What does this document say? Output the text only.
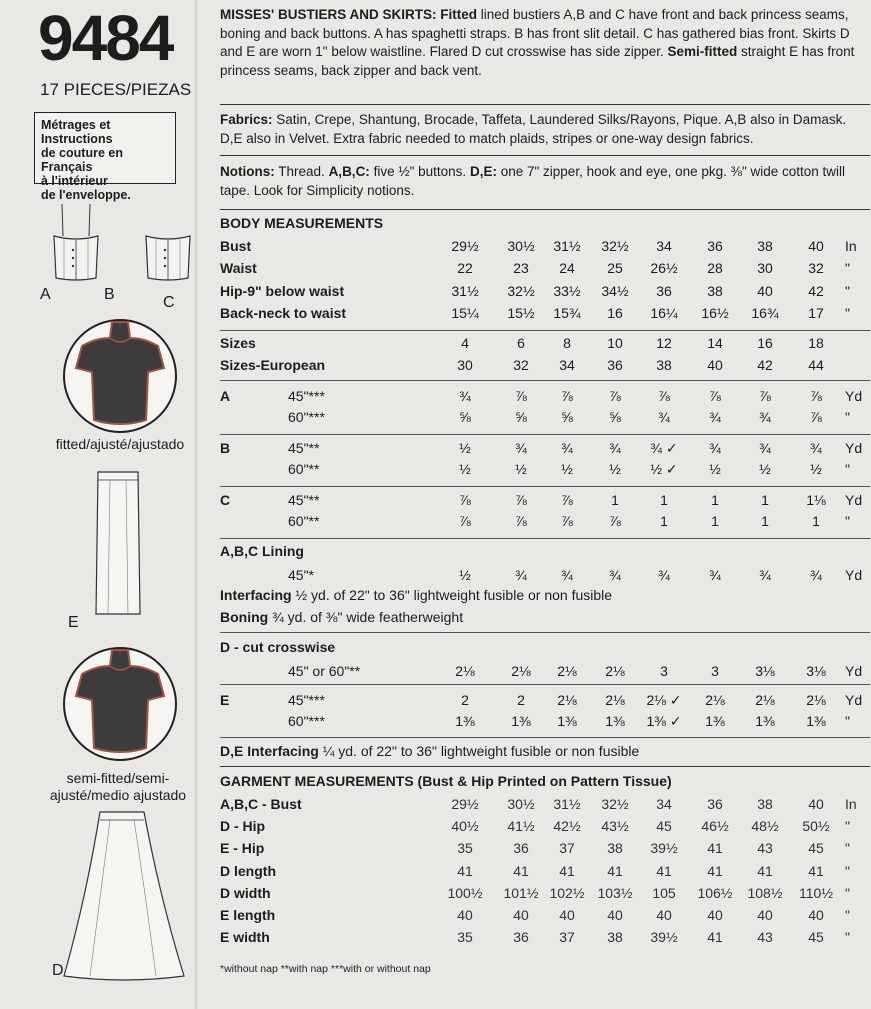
9484
17 PIECES/PIEZAS
Métrages et Instructions
de couture en Français
à l'intérieur
de l'enveloppe.
A	B	C
fitted/ajusté/ajustado
E
semi-fitted/semi-
ajusté/medio ajustado
D
MISSES' BUSTIERS AND SKIRTS: Fitted lined bustiers A,B and C have front and back princess seams, boning and back buttons. A has spaghetti straps. B has front slit detail. C has gathered bias front. Skirts D and E are worn 1" below waistline. Flared D cut crosswise has side zipper. Semi-fitted straight E has front princess seams, back zipper and back vent.
Fabrics: Satin, Crepe, Shantung, Brocade, Taffeta, Laundered Silks/Rayons, Pique. A,B also in Damask. D,E also in Velvet. Extra fabric needed to match plaids, stripes or one-way design fabrics.
Notions: Thread. A,B,C: five ½" buttons. D,E: one 7" zipper, hook and eye, one pkg. ⅜" wide cotton twill tape. Look for Simplicity notions.
BODY MEASUREMENTS
Bust	29½	30½	31½	32½	34	36	38	40	In
Waist	22	23	24	25	26½	28	30	32	"
Hip-9" below waist	31½	32½	33½	34½	36	38	40	42	"
Back-neck to waist	15¼	15½	15¾	16	16¼	16½	16¾	17	"
Sizes	4	6	8	10	12	14	16	18
Sizes-European	30	32	34	36	38	40	42	44
A	45"***	¾	⅞	⅞	⅞	⅞	⅞	⅞	⅞	Yd
60"***	⅝	⅝	⅝	⅝	¾	¾	¾	⅞	"
B	45"**	½	¾	¾	¾	¾ ✓	¾	¾	¾	Yd
60"**	½	½	½	½	½ ✓	½	½	½	"
C	45"**	⅞	⅞	⅞	1	1	1	1	1⅛	Yd
60"**	⅞	⅞	⅞	⅞	1	1	1	1	"
45"*	½	¾	¾	¾	¾	¾	¾	¾	Yd
45" or 60"**	2⅛	2⅛	2⅛	2⅛	3	3	3⅛	3⅛	Yd
E	45"***	2	2	2⅛	2⅛	2⅛ ✓	2⅛	2⅛	2⅛	Yd
60"***	1⅜	1⅜	1⅜	1⅜	1⅜ ✓	1⅜	1⅜	1⅜	"
A,B,C - Bust	29½	30½	31½	32½	34	36	38	40	In
D - Hip	40½	41½	42½	43½	45	46½	48½	50½	"
E - Hip	35	36	37	38	39½	41	43	45	"
D length	41	41	41	41	41	41	41	41	"
D width	100½	101½ 102½ 103½	105	106½	108½	110½ "
E length	40	40	40	40	40	40	40	40	"
E width	35	36	37	38	39½	41	43	45	"
A,B,C Lining
Interfacing ½ yd. of 22" to 36" lightweight fusible or non fusible
Boning ¾ yd. of ⅜" wide featherweight
D - cut crosswise
D,E Interfacing ¼ yd. of 22" to 36" lightweight fusible or non fusible
GARMENT MEASUREMENTS (Bust & Hip Printed on Pattern Tissue)
*without nap **with nap ***with or without nap
